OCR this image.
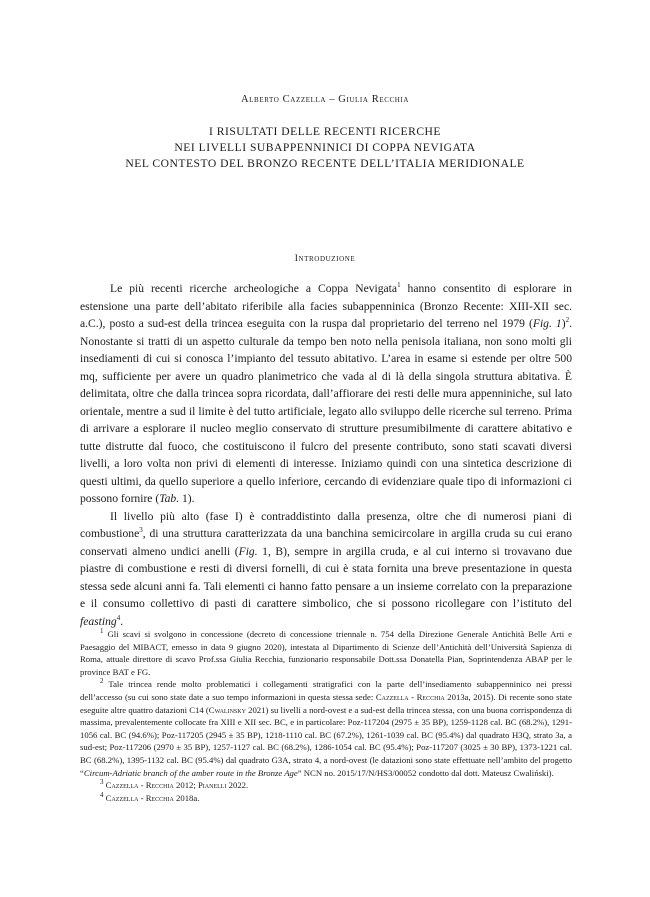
Alberto Cazzella – Giulia Recchia
I RISULTATI DELLE RECENTI RICERCHE
NEI LIVELLI SUBAPPENNINICI DI COPPA NEVIGATA
NEL CONTESTO DEL BRONZO RECENTE DELL’ITALIA MERIDIONALE
Introduzione

Le più recenti ricerche archeologiche a Coppa Nevigata$^1$ hanno consentito di esplorare in estensione una parte dell’abitato riferibile alla facies subappenninica (Bronzo Recente: XIII-XII sec. a.C.), posto a sud-est della trincea eseguita con la ruspa dal proprietario del terreno nel 1979 (Fig. 1)$^2$. Nonostante si tratti di un aspetto culturale da tempo ben noto nella penisola italiana, non sono molti gli insediamenti di cui si conosca l’impianto del tessuto abitativo. L’area in esame si estende per oltre 500 mq, sufficiente per avere un quadro planimetrico che vada al di là della singola struttura abitativa. È delimitata, oltre che dalla trincea sopra ricordata, dall’affiorare dei resti delle mura appenniniche, sul lato orientale, mentre a sud il limite è del tutto artificiale, legato allo sviluppo delle ricerche sul terreno. Prima di arrivare a esplorare il nucleo meglio conservato di strutture presumibilmente di carattere abitativo e tutte distrutte dal fuoco, che costituiscono il fulcro del presente contributo, sono stati scavati diversi livelli, a loro volta non privi di elementi di interesse. Iniziamo quindi con una sintetica descrizione di questi ultimi, da quello superiore a quello inferiore, cercando di evidenziare quale tipo di informazioni ci possono fornire (Tab. 1).

Il livello più alto (fase I) è contraddistinto dalla presenza, oltre che di numerosi piani di combustione$^3$, di una struttura caratterizzata da una banchina semicircolare in argilla cruda su cui erano conservati almeno undici anelli (Fig. 1, B), sempre in argilla cruda, e al cui interno si trovavano due piastre di combustione e resti di diversi fornelli, di cui è stata fornita una breve presentazione in questa stessa sede alcuni anni fa. Tali elementi ci hanno fatto pensare a un insieme correlato con la preparazione e il consumo collettivo di pasti di carattere simbolico, che si possono ricollegare con l’istituto del feasting$^4$.

$^1$ Gli scavi si svolgono in concessione (decreto di concessione triennale n. 754 della Direzione Generale Antichità Belle Arti e Paesaggio del MIBACT, emesso in data 9 giugno 2020), intestata al Dipartimento di Scienze dell’Antichità dell’Università Sapienza di Roma, attuale direttore di scavo Prof.ssa Giulia Recchia, funzionario responsabile Dott.ssa Donatella Pian, Soprintendenza ABAP per le province BAT e FG.

$^2$ Tale trincea rende molto problematici i collegamenti stratigrafici con la parte dell’insediamento subappenninico nei pressi dell’accesso (su cui sono state date a suo tempo informazioni in questa stessa sede: Cazzella - Recchia 2013a, 2015). Di recente sono state eseguite altre quattro datazioni C14 (Cwalinsky 2021) su livelli a nord-ovest e a sud-est della trincea stessa, con una buona corrispondenza di massima, prevalentemente collocate fra XIII e XII sec. BC, e in particolare: Poz-117204 (2975 ± 35 BP), 1259-1128 cal. BC (68.2%), 1291-1056 cal. BC (94.6%); Poz-117205 (2945 ± 35 BP), 1218-1110 cal. BC (67.2%), 1261-1039 cal. BC (95.4%) dal quadrato H3Q, strato 3a, a sud-est; Poz-117206 (2970 ± 35 BP), 1257-1127 cal. BC (68.2%), 1286-1054 cal. BC (95.4%); Poz-117207 (3025 ± 30 BP), 1373-1221 cal. BC (68.2%), 1395-1132 cal. BC (95.4%) dal quadrato G3A, strato 4, a nord-ovest (le datazioni sono state effettuate nell’ambito del progetto “Circum-Adriatic branch of the amber route in the Bronze Age” NCN no. 2015/17/N/HS3/00052 condotto dal dott. Mateusz Cwaliński).

$^3$ Cazzella - Recchia 2012; Pianelli 2022.

$^4$ Cazzella - Recchia 2018a.
